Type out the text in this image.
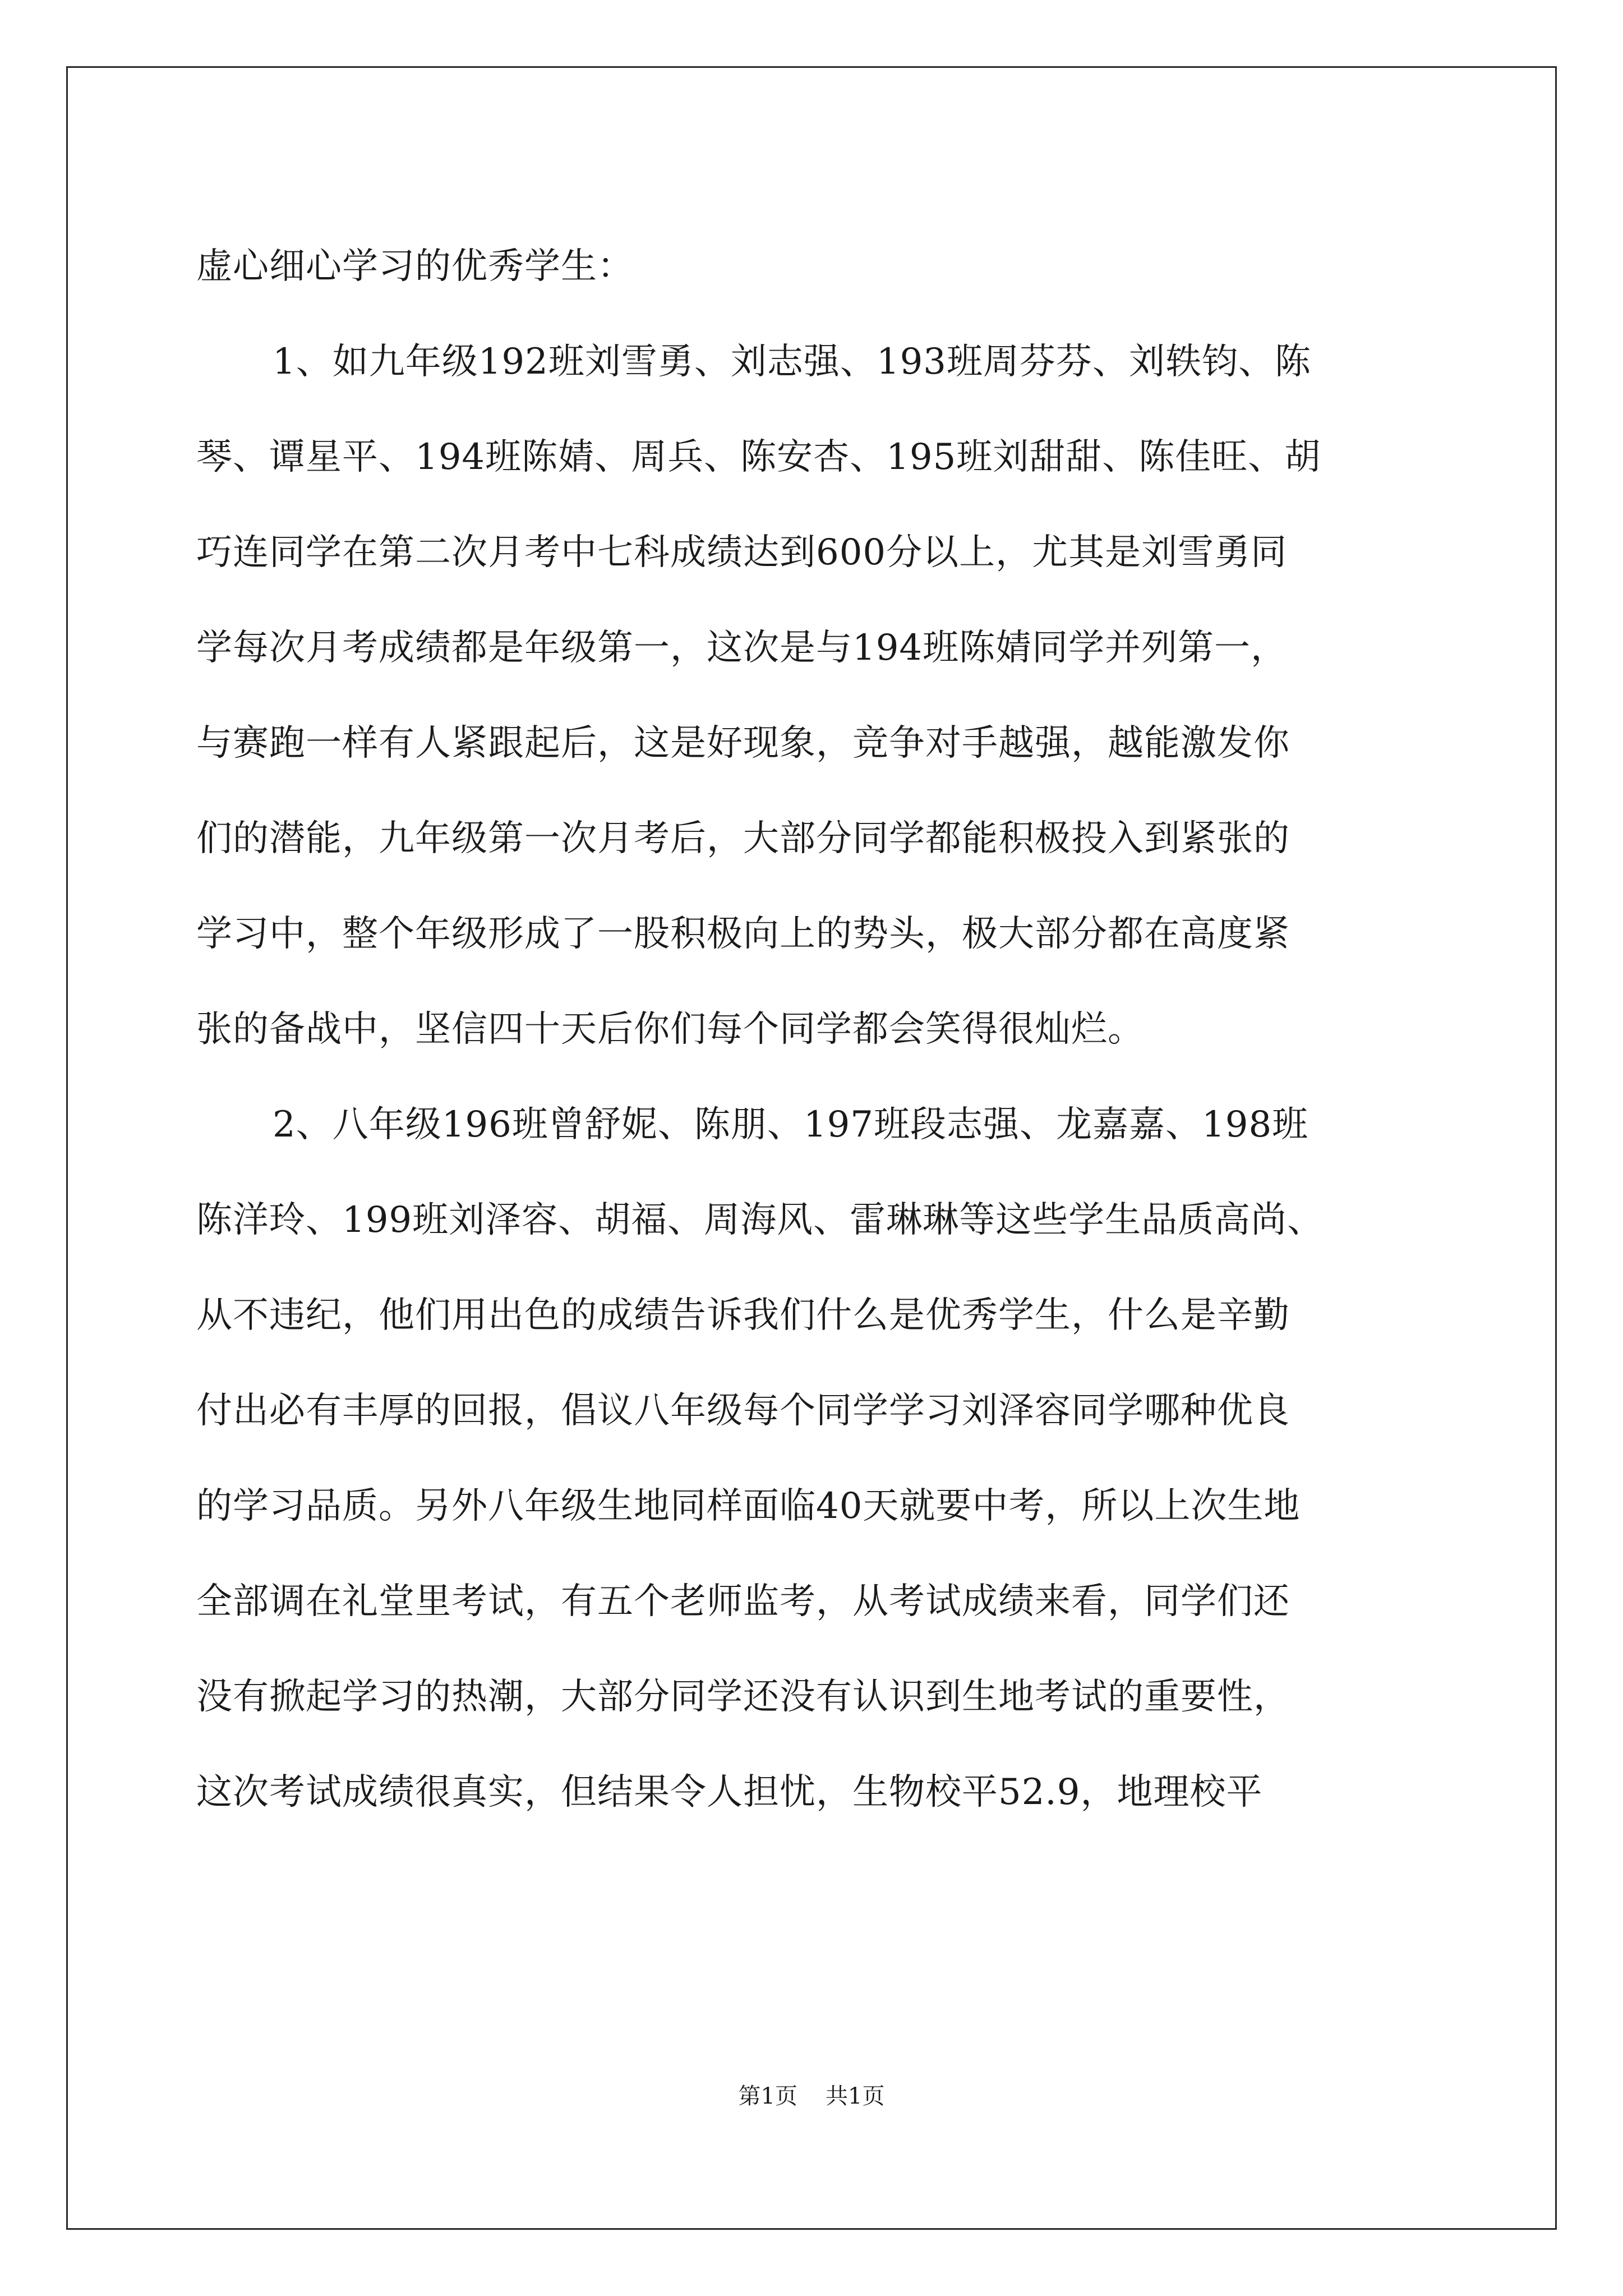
虚心细心学习的优秀学生：
1、如九年级192班刘雪勇、刘志强、193班周芬芬、刘轶钧、陈
琴、谭星平、194班陈婧、周兵、陈安杏、195班刘甜甜、陈佳旺、胡
巧连同学在第二次月考中七科成绩达到600分以上，尤其是刘雪勇同
学每次月考成绩都是年级第一，这次是与194班陈婧同学并列第一，
与赛跑一样有人紧跟起后，这是好现象，竞争对手越强，越能激发你
们的潜能，九年级第一次月考后，大部分同学都能积极投入到紧张的
学习中，整个年级形成了一股积极向上的势头，极大部分都在高度紧
张的备战中，坚信四十天后你们每个同学都会笑得很灿烂。
2、八年级196班曾舒妮、陈朋、197班段志强、龙嘉嘉、198班
陈洋玲、199班刘泽容、胡福、周海风、雷琳琳等这些学生品质高尚、
从不违纪，他们用出色的成绩告诉我们什么是优秀学生，什么是辛勤
付出必有丰厚的回报，倡议八年级每个同学学习刘泽容同学哪种优良
的学习品质。另外八年级生地同样面临40天就要中考，所以上次生地
全部调在礼堂里考试，有五个老师监考，从考试成绩来看，同学们还
没有掀起学习的热潮，大部分同学还没有认识到生地考试的重要性，
这次考试成绩很真实，但结果令人担忧，生物校平52.9，地理校平
第1页 共1页
